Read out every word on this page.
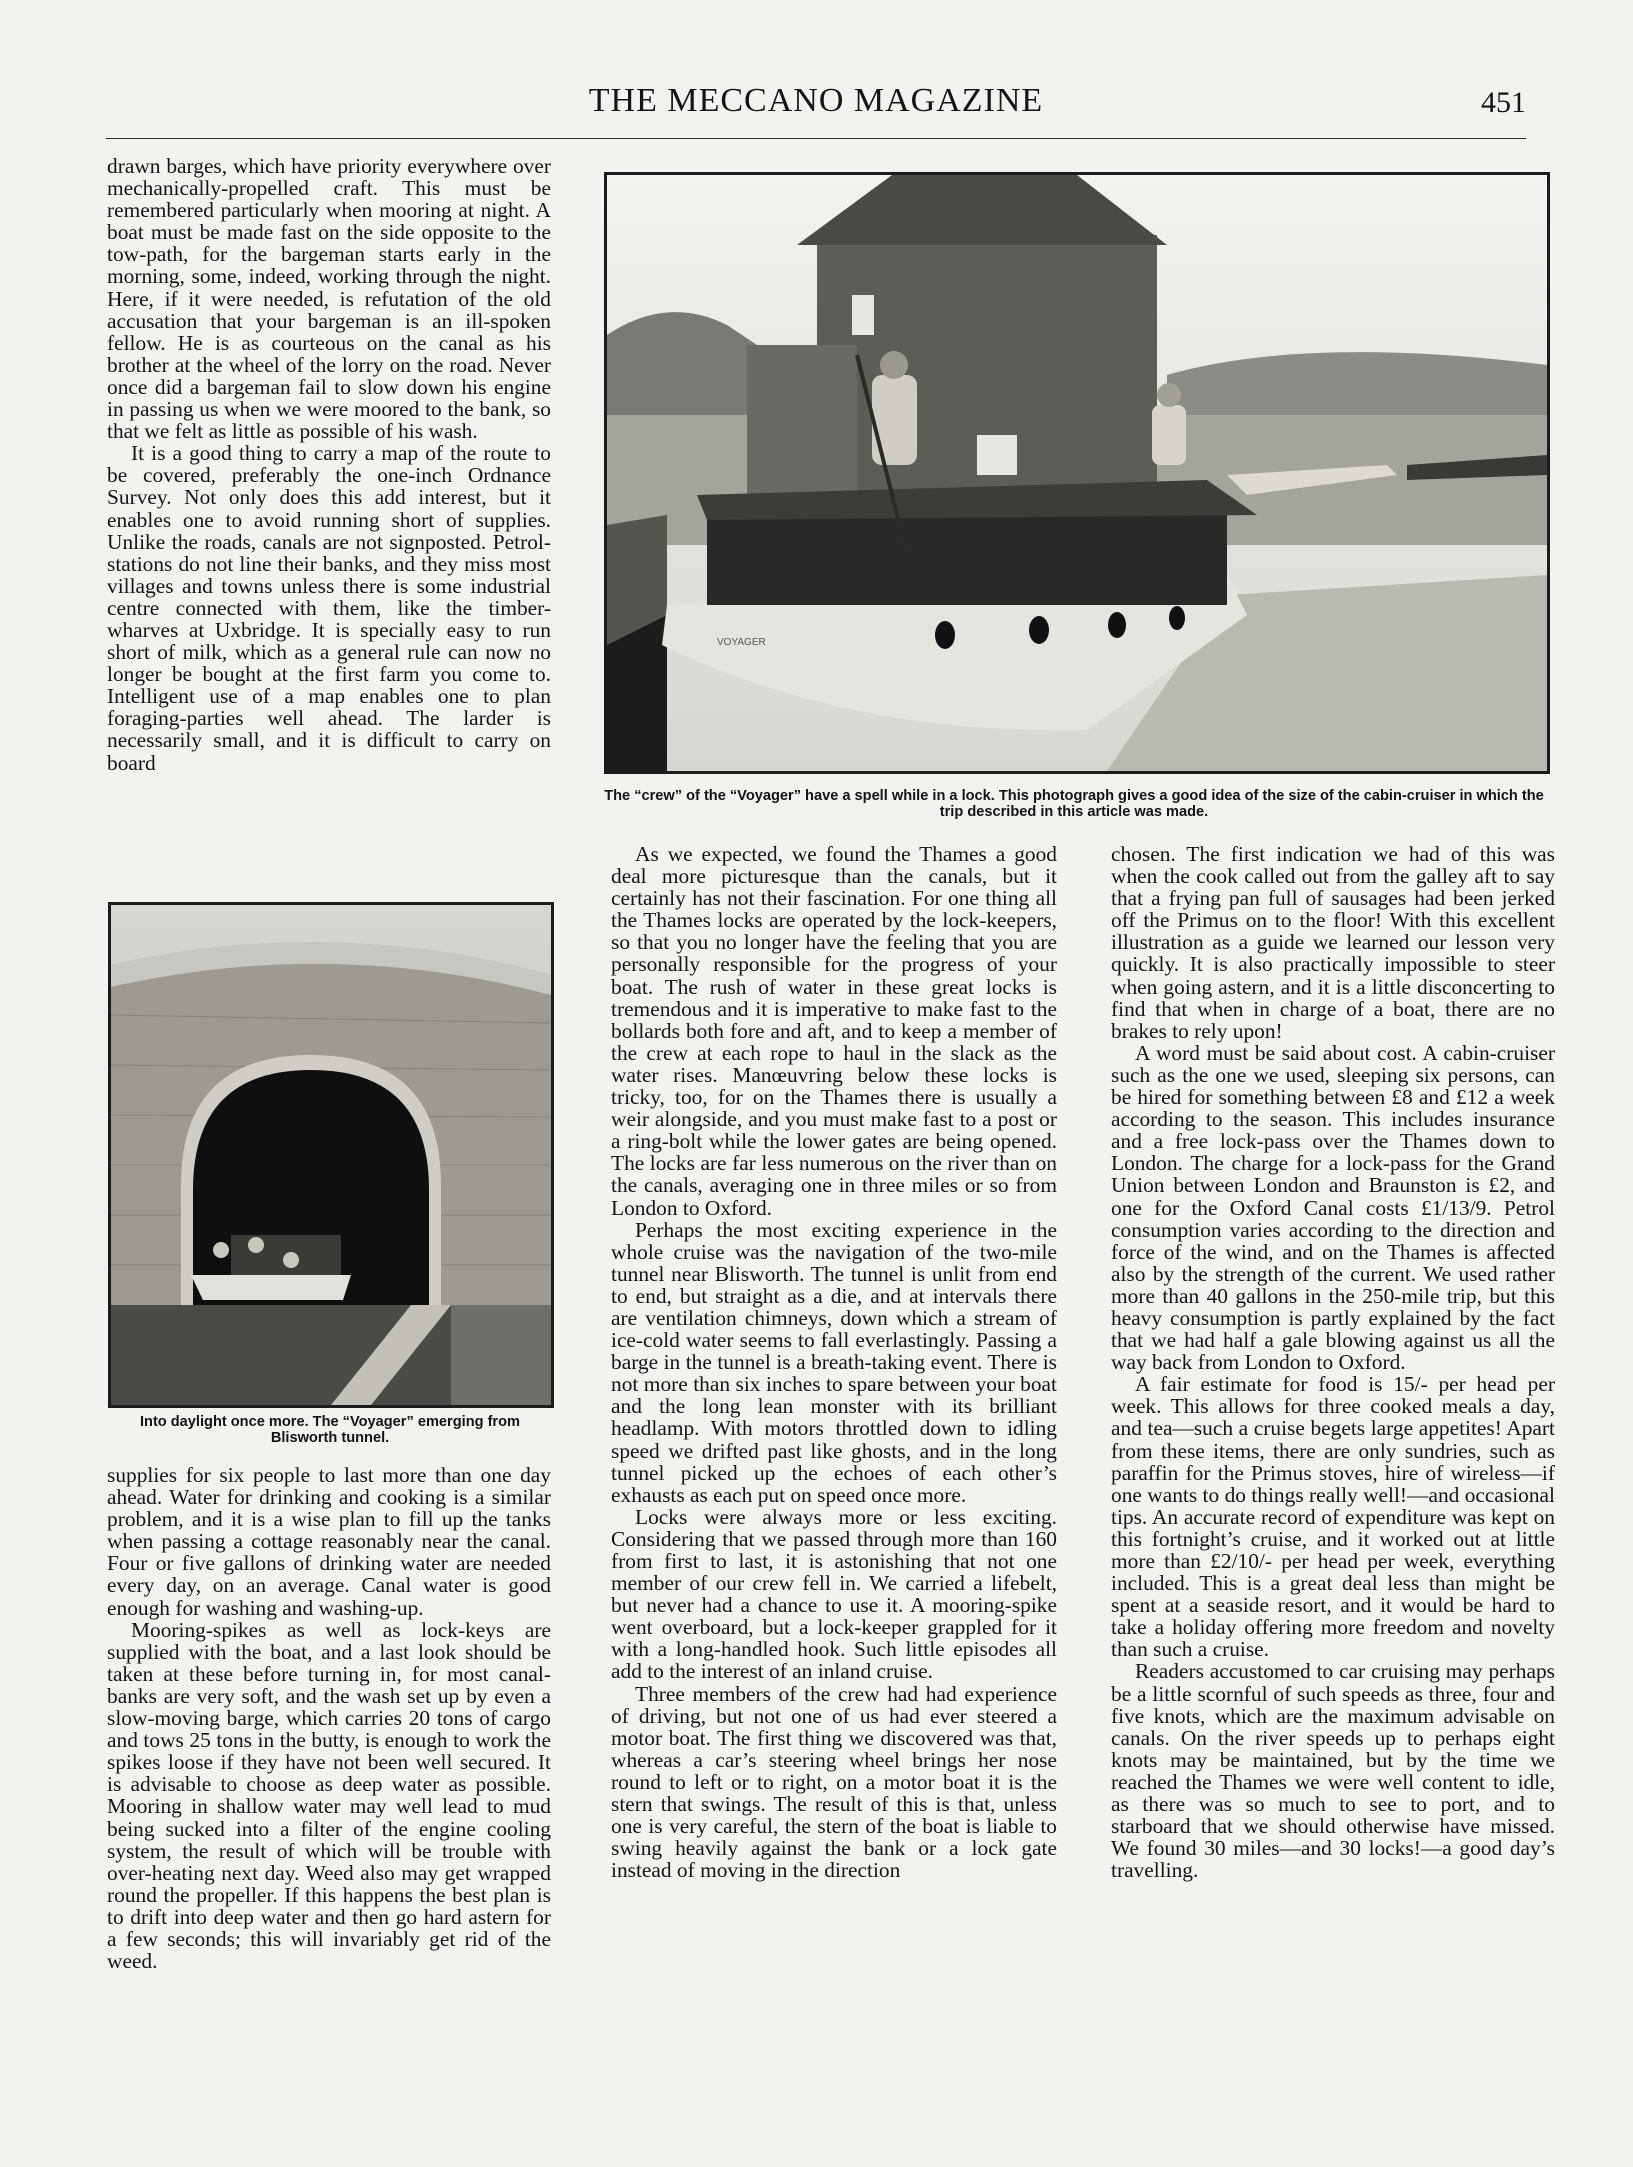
THE MECCANO MAGAZINE	451

drawn barges, which have priority everywhere over mechanically-propelled craft. This must be remembered particularly when mooring at night. A boat must be made fast on the side opposite to the tow-path, for the bargeman starts early in the morning, some, indeed, working through the night. Here, if it were needed, is refutation of the old accusation that your bargeman is an ill-spoken fellow. He is as courteous on the canal as his brother at the wheel of the lorry on the road. Never once did a bargeman fail to slow down his engine in passing us when we were moored to the bank, so that we felt as little as possible of his wash.

It is a good thing to carry a map of the route to be covered, preferably the one-inch Ordnance Survey. Not only does this add interest, but it enables one to avoid running short of supplies. Unlike the roads, canals are not signposted. Petrol-stations do not line their banks, and they miss most villages and towns unless there is some industrial centre connected with them, like the timber-wharves at Uxbridge. It is specially easy to run short of milk, which as a general rule can now no longer be bought at the first farm you come to. Intelligent use of a map enables one to plan foraging-parties well ahead. The larder is necessarily small, and it is difficult to carry on board

Into daylight once more. The “Voyager” emerging from Blisworth tunnel.

supplies for six people to last more than one day ahead. Water for drinking and cooking is a similar problem, and it is a wise plan to fill up the tanks when passing a cottage reasonably near the canal. Four or five gallons of drinking water are needed every day, on an average. Canal water is good enough for washing and washing-up.

Mooring-spikes as well as lock-keys are supplied with the boat, and a last look should be taken at these before turning in, for most canal-banks are very soft, and the wash set up by even a slow-moving barge, which carries 20 tons of cargo and tows 25 tons in the butty, is enough to work the spikes loose if they have not been well secured. It is advisable to choose as deep water as possible. Mooring in shallow water may well lead to mud being sucked into a filter of the engine cooling system, the result of which will be trouble with over-heating next day. Weed also may get wrapped round the propeller. If this happens the best plan is to drift into deep water and then go hard astern for a few seconds; this will invariably get rid of the weed.

VOYAGER
The “crew” of the “Voyager” have a spell while in a lock. This photograph gives a good idea of the size of the cabin-cruiser in which the trip described in this article was made.

As we expected, we found the Thames a good deal more picturesque than the canals, but it certainly has not their fascination. For one thing all the Thames locks are operated by the lock-keepers, so that you no longer have the feeling that you are personally responsible for the progress of your boat. The rush of water in these great locks is tremendous and it is imperative to make fast to the bollards both fore and aft, and to keep a member of the crew at each rope to haul in the slack as the water rises. Manœuvring below these locks is tricky, too, for on the Thames there is usually a weir alongside, and you must make fast to a post or a ring-bolt while the lower gates are being opened. The locks are far less numerous on the river than on the canals, averaging one in three miles or so from London to Oxford.

Perhaps the most exciting experience in the whole cruise was the navigation of the two-mile tunnel near Blisworth. The tunnel is unlit from end to end, but straight as a die, and at intervals there are ventilation chimneys, down which a stream of ice-cold water seems to fall everlastingly. Passing a barge in the tunnel is a breath-taking event. There is not more than six inches to spare between your boat and the long lean monster with its brilliant headlamp. With motors throttled down to idling speed we drifted past like ghosts, and in the long tunnel picked up the echoes of each other’s exhausts as each put on speed once more.

Locks were always more or less exciting. Considering that we passed through more than 160 from first to last, it is astonishing that not one member of our crew fell in. We carried a lifebelt, but never had a chance to use it. A mooring-spike went overboard, but a lock-keeper grappled for it with a long-handled hook. Such little episodes all add to the interest of an inland cruise.

Three members of the crew had had experience of driving, but not one of us had ever steered a motor boat. The first thing we discovered was that, whereas a car’s steering wheel brings her nose round to left or to right, on a motor boat it is the stern that swings. The result of this is that, unless one is very careful, the stern of the boat is liable to swing heavily against the bank or a lock gate instead of moving in the direction

chosen. The first indication we had of this was when the cook called out from the galley aft to say that a frying pan full of sausages had been jerked off the Primus on to the floor! With this excellent illustration as a guide we learned our lesson very quickly. It is also practically impossible to steer when going astern, and it is a little disconcerting to find that when in charge of a boat, there are no brakes to rely upon!

A word must be said about cost. A cabin-cruiser such as the one we used, sleeping six persons, can be hired for something between £8 and £12 a week according to the season. This includes insurance and a free lock-pass over the Thames down to London. The charge for a lock-pass for the Grand Union between London and Braunston is £2, and one for the Oxford Canal costs £1/13/9. Petrol consumption varies according to the direction and force of the wind, and on the Thames is affected also by the strength of the current. We used rather more than 40 gallons in the 250-mile trip, but this heavy consumption is partly explained by the fact that we had half a gale blowing against us all the way back from London to Oxford.

A fair estimate for food is 15/- per head per week. This allows for three cooked meals a day, and tea—such a cruise begets large appetites! Apart from these items, there are only sundries, such as paraffin for the Primus stoves, hire of wireless—if one wants to do things really well!—and occasional tips. An accurate record of expenditure was kept on this fortnight’s cruise, and it worked out at little more than £2/10/- per head per week, everything included. This is a great deal less than might be spent at a seaside resort, and it would be hard to take a holiday offering more freedom and novelty than such a cruise.

Readers accustomed to car cruising may perhaps be a little scornful of such speeds as three, four and five knots, which are the maximum advisable on canals. On the river speeds up to perhaps eight knots may be maintained, but by the time we reached the Thames we were well content to idle, as there was so much to see to port, and to starboard that we should otherwise have missed. We found 30 miles—and 30 locks!—a good day’s travelling.
